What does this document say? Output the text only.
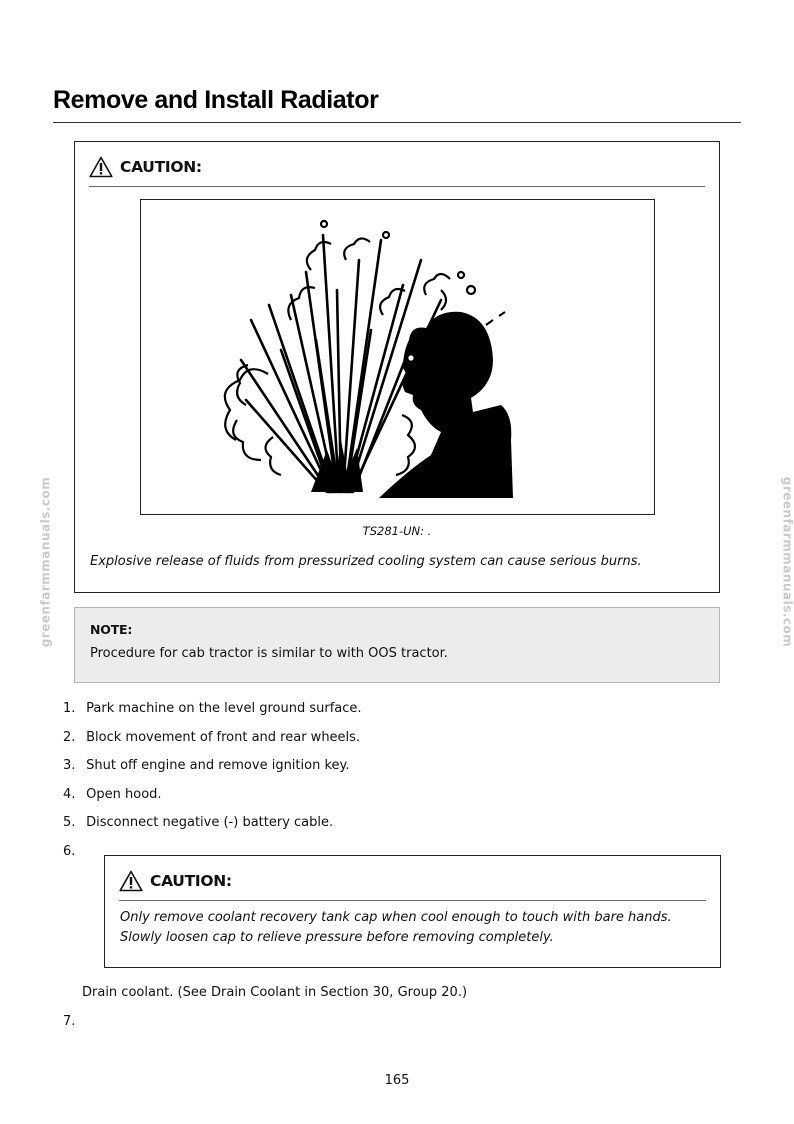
greenfarmmanuals.com	greenfarmmanuals.com
Remove and Install Radiator
CAUTION:
TS281-UN: .
Explosive release of fluids from pressurized cooling system can cause serious burns.
NOTE:
Procedure for cab tractor is similar to with OOS tractor.
1. Park machine on the level ground surface.
2. Block movement of front and rear wheels.
3. Shut off engine and remove ignition key.
4. Open hood.
5. Disconnect negative (-) battery cable.
6.
CAUTION:
Only remove coolant recovery tank cap when cool enough to touch with bare hands. Slowly loosen cap to relieve pressure before removing completely.
Drain coolant. (See Drain Coolant in Section 30, Group 20.)
7.
165
